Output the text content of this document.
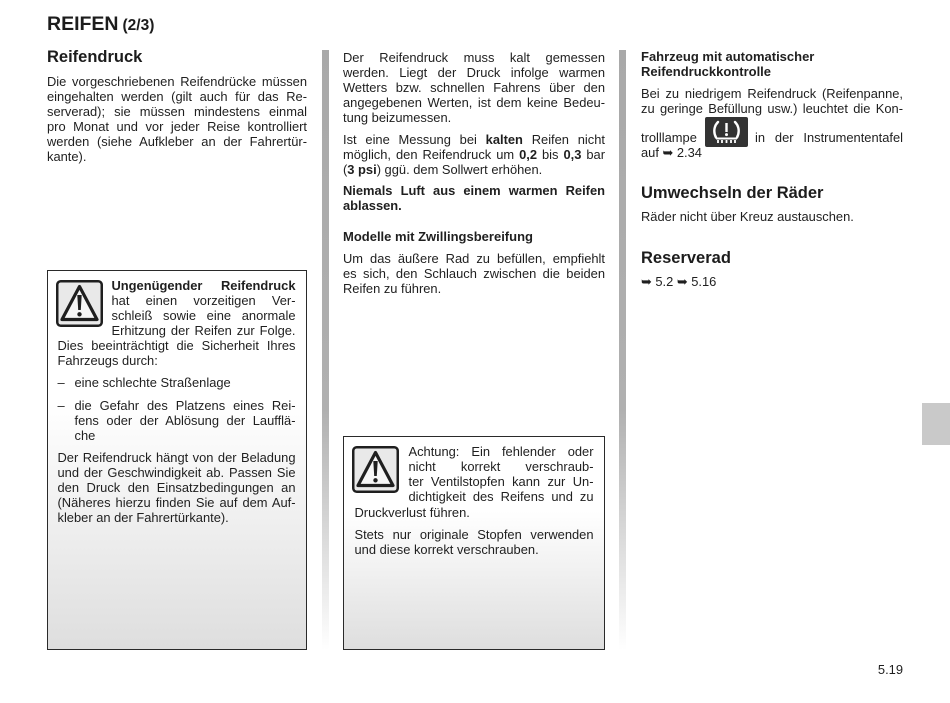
REIFEN (2/3)
Reifendruck
Die vorgeschriebenen Reifendrücke müssen
eingehalten werden (gilt auch für das Re-
serverad); sie müssen mindestens einmal
pro Monat und vor jeder Reise kontrolliert
werden (siehe Aufkleber an der Fahrertür-
kante).
Ungenügender Reifendruck
hat einen vorzeitigen Ver-
schleiß sowie eine anormale
Erhitzung der Reifen zur Folge.
Dies beeinträchtigt die Sicherheit Ihres
Fahrzeugs durch:
– eine schlechte Straßenlage
– die Gefahr des Platzens eines Rei-
fens oder der Ablösung der Laufflä-
che
Der Reifendruck hängt von der Beladung
und der Geschwindigkeit ab. Passen Sie
den Druck den Einsatzbedingungen an
(Näheres hierzu finden Sie auf dem Auf-
kleber an der Fahrertürkante).
Der Reifendruck muss kalt gemessen
werden. Liegt der Druck infolge warmen
Wetters bzw. schnellen Fahrens über den
angegebenen Werten, ist dem keine Bedeu-
tung beizumessen.
Ist eine Messung bei kalten Reifen nicht
möglich, den Reifendruck um 0,2 bis 0,3 bar
(3 psi) ggü. dem Sollwert erhöhen.
Niemals Luft aus einem warmen Reifen
ablassen.
Modelle mit Zwillingsbereifung
Um das äußere Rad zu befüllen, empfiehlt
es sich, den Schlauch zwischen die beiden
Reifen zu führen.
Achtung: Ein fehlender oder
nicht korrekt verschraub-
ter Ventilstopfen kann zur Un-
dichtigkeit des Reifens und zu
Druckverlust führen.
Stets nur originale Stopfen verwenden
und diese korrekt verschrauben.
Fahrzeug mit automatischer
Reifendruckkontrolle
Bei zu niedrigem Reifendruck (Reifenpanne,
zu geringe Befüllung usw.) leuchtet die Kon-
trolllampe	in der Instrumententafel
auf ➥ 2.34
Umwechseln der Räder
Räder nicht über Kreuz austauschen.
Reserverad
➥ 5.2 ➥ 5.16
5.19
